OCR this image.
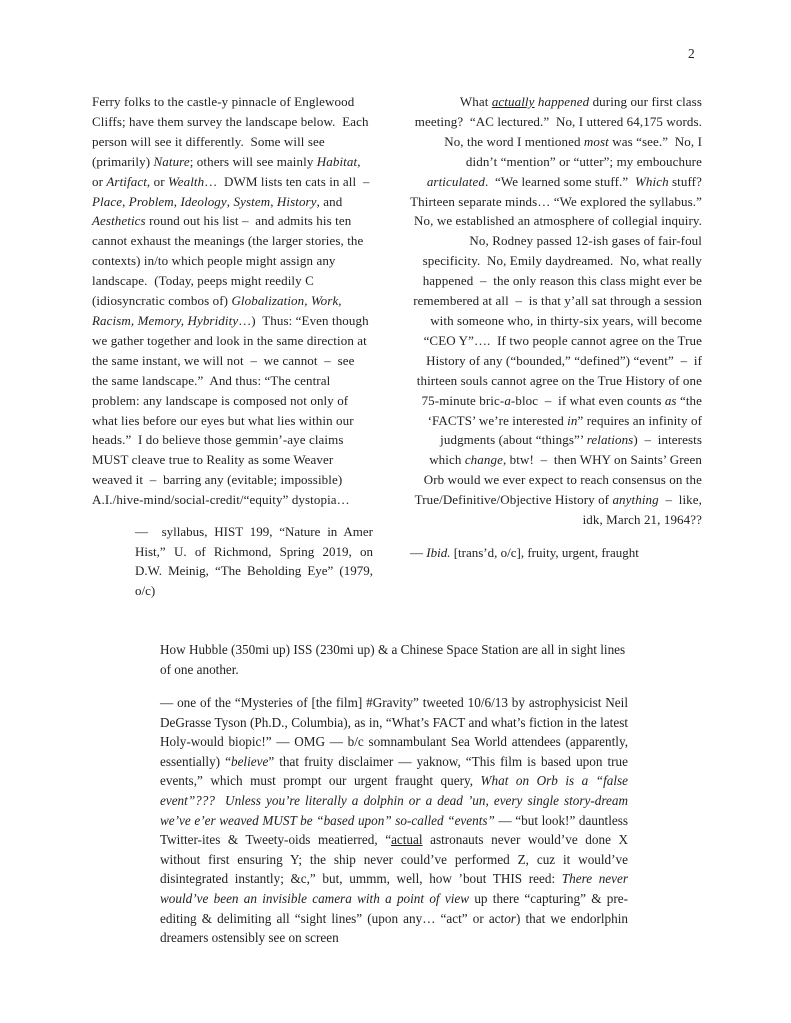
2
Ferry folks to the castle-y pinnacle of Englewood Cliffs; have them survey the landscape below.  Each person will see it differently.  Some will see (primarily) Nature; others will see mainly Habitat, or Artifact, or Wealth…  DWM lists ten cats in all  –  Place, Problem, Ideology, System, History, and Aesthetics round out his list –  and admits his ten cannot exhaust the meanings (the larger stories, the contexts) in/to which people might assign any landscape.  (Today, peeps might reedily C (idiosyncratic combos of) Globalization, Work, Racism, Memory, Hybridity…)  Thus: “Even though we gather together and look in the same direction at the same instant, we will not  –  we cannot  –  see the same landscape.”  And thus: “The central problem: any landscape is composed not only of what lies before our eyes but what lies within our heads.”  I do believe those gemmin’-aye claims MUST cleave true to Reality as some Weaver weaved it  –  barring any (evitable; impossible) A.I./hive-mind/social-credit/“equity” dystopia…
—  syllabus, HIST 199, “Nature in Amer Hist,” U. of Richmond, Spring 2019, on D.W. Meinig, “The Beholding Eye” (1979, o/c)
What actually happened during our first class meeting?  “AC lectured.”  No, I uttered 64,175 words.  No, the word I mentioned most was “see.”  No, I didn’t “mention” or “utter”; my embouchure articulated.  “We learned some stuff.”  Which stuff?  Thirteen separate minds… “We explored the syllabus.”  No, we established an atmosphere of collegial inquiry.  No, Rodney passed 12-ish gases of fair-foul specificity.  No, Emily daydreamed.  No, what really happened  –  the only reason this class might ever be remembered at all  –  is that y’all sat through a session with someone who, in thirty-six years, will become “CEO Y”….  If two people cannot agree on the True History of any (“bounded,” “defined”) “event”  –  if thirteen souls cannot agree on the True History of one 75-minute bric-a-bloc  –  if what even counts as “the ‘FACTS’ we’re interested in” requires an infinity of judgments (about “things”’ relations)  –  interests which change, btw!  –  then WHY on Saints’ Green Orb would we ever expect to reach consensus on the True/Definitive/Objective History of anything  –  like, idk, March 21, 1964??
— Ibid. [trans’d, o/c], fruity, urgent, fraught
How Hubble (350mi up) ISS (230mi up) & a Chinese Space Station are all in sight lines of one another.
— one of the “Mysteries of [the film] #Gravity” tweeted 10/6/13 by astrophysicist Neil DeGrasse Tyson (Ph.D., Columbia), as in, “What’s FACT and what’s fiction in the latest Holy-would biopic!” — OMG — b/c somnambulant Sea World attendees (apparently, essentially) “believe” that fruity disclaimer — yaknow, “This film is based upon true events,” which must prompt our urgent fraught query, What on Orb is a “false event”???  Unless you’re literally a dolphin or a dead ’un, every single story-dream we’ve e’er weaved MUST be “based upon” so-called “events” — “but look!” dauntless Twitter-ites & Tweety-oids meatierred, “actual astronauts never would’ve done X without first ensuring Y; the ship never could’ve performed Z, cuz it would’ve disintegrated instantly; &c,” but, ummm, well, how ’bout THIS reed: There never would’ve been an invisible camera with a point of view up there “capturing” & pre-editing & delimiting all “sight lines” (upon any… “act” or actor) that we endorlphin dreamers ostensibly see on screen
